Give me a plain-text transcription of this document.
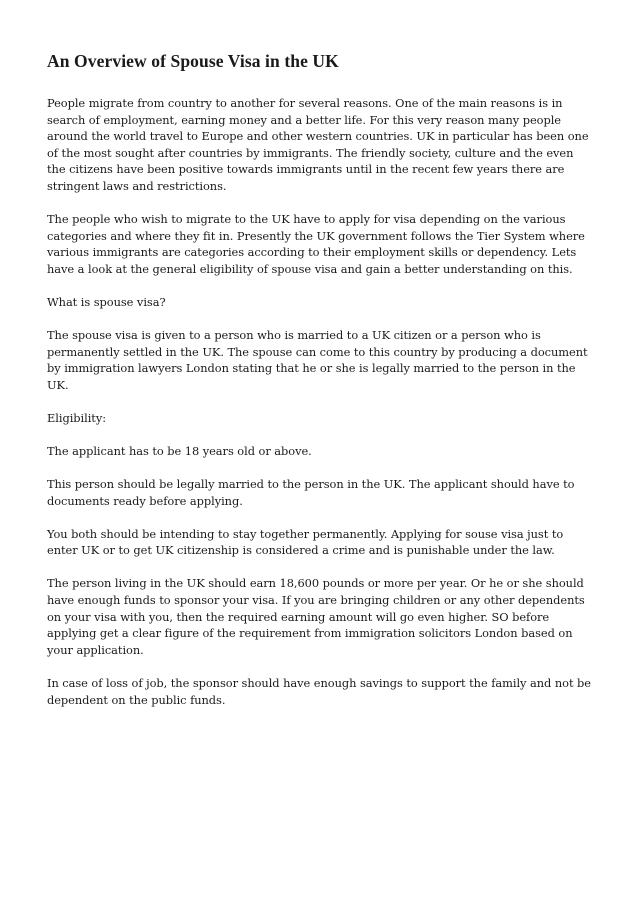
An Overview of Spouse Visa in the UK

People migrate from country to another for several reasons. One of the main reasons is in search of employment, earning money and a better life. For this very reason many people around the world travel to Europe and other western countries. UK in particular has been one of the most sought after countries by immigrants. The friendly society, culture and the even the citizens have been positive towards immigrants until in the recent few years there are stringent laws and restrictions.

The people who wish to migrate to the UK have to apply for visa depending on the various categories and where they fit in. Presently the UK government follows the Tier System where various immigrants are categories according to their employment skills or dependency. Lets have a look at the general eligibility of spouse visa and gain a better understanding on this.

What is spouse visa?

The spouse visa is given to a person who is married to a UK citizen or a person who is permanently settled in the UK. The spouse can come to this country by producing a document by immigration lawyers London stating that he or she is legally married to the person in the UK.

Eligibility:

The applicant has to be 18 years old or above.

This person should be legally married to the person in the UK. The applicant should have to documents ready before applying.

You both should be intending to stay together permanently. Applying for souse visa just to enter UK or to get UK citizenship is considered a crime and is punishable under the law.

The person living in the UK should earn 18,600 pounds or more per year. Or he or she should have enough funds to sponsor your visa. If you are bringing children or any other dependents on your visa with you, then the required earning amount will go even higher. SO before applying get a clear figure of the requirement from immigration solicitors London based on your application.

In case of loss of job, the sponsor should have enough savings to support the family and not be dependent on the public funds.
